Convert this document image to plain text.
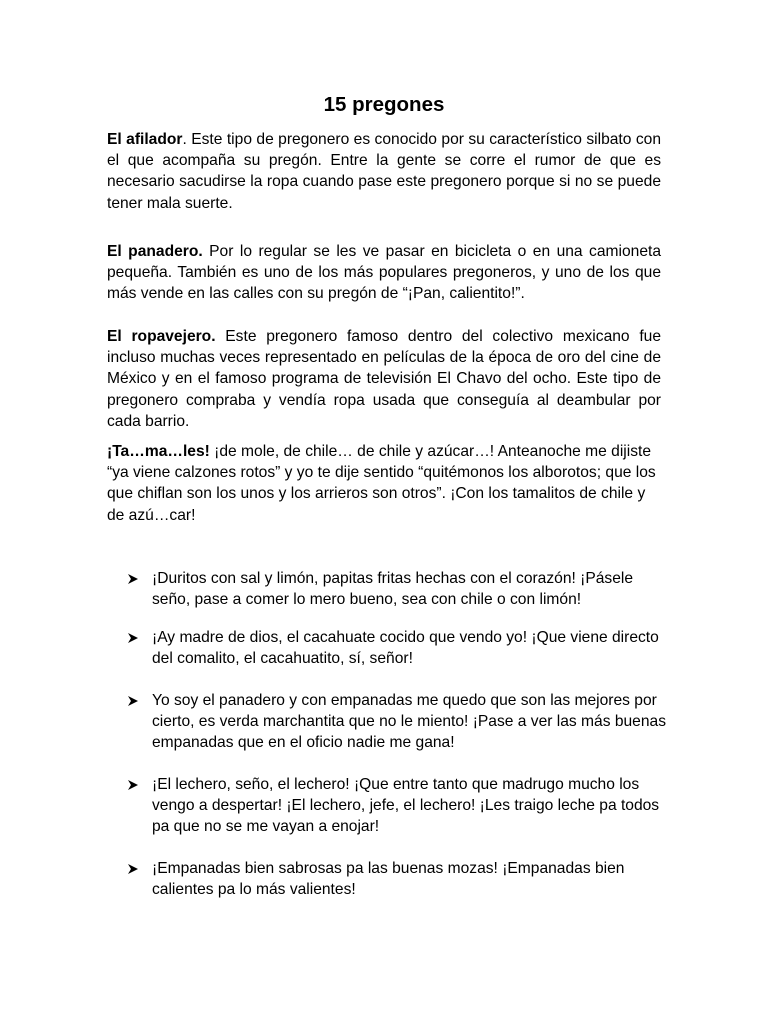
15 pregones
El afilador. Este tipo de pregonero es conocido por su característico silbato con el que acompaña su pregón. Entre la gente se corre el rumor de que es necesario sacudirse la ropa cuando pase este pregonero porque si no se puede tener mala suerte.
El panadero. Por lo regular se les ve pasar en bicicleta o en una camioneta pequeña. También es uno de los más populares pregoneros, y uno de los que más vende en las calles con su pregón de “¡Pan, calientito!”.
El ropavejero. Este pregonero famoso dentro del colectivo mexicano fue incluso muchas veces representado en películas de la época de oro del cine de México y en el famoso programa de televisión El Chavo del ocho. Este tipo de pregonero compraba y vendía ropa usada que conseguía al deambular por cada barrio.
¡Ta…ma…les! ¡de mole, de chile… de chile y azúcar…! Anteanoche me dijiste “ya viene calzones rotos” y yo te dije sentido “quitémonos los alborotos; que los que chiflan son los unos y los arrieros son otros”. ¡Con los tamalitos de chile y de azú…car!
¡Duritos con sal y limón, papitas fritas hechas con el corazón! ¡Pásele seño, pase a comer lo mero bueno, sea con chile o con limón!
¡Ay madre de dios, el cacahuate cocido que vendo yo! ¡Que viene directo del comalito, el cacahuatito, sí, señor!
Yo soy el panadero y con empanadas me quedo que son las mejores por cierto, es verda marchantita que no le miento! ¡Pase a ver las más buenas empanadas que en el oficio nadie me gana!
¡El lechero, seño, el lechero! ¡Que entre tanto que madrugo mucho los vengo a despertar! ¡El lechero, jefe, el lechero! ¡Les traigo leche pa todos pa que no se me vayan a enojar!
¡Empanadas bien sabrosas pa las buenas mozas! ¡Empanadas bien calientes pa lo más valientes!
